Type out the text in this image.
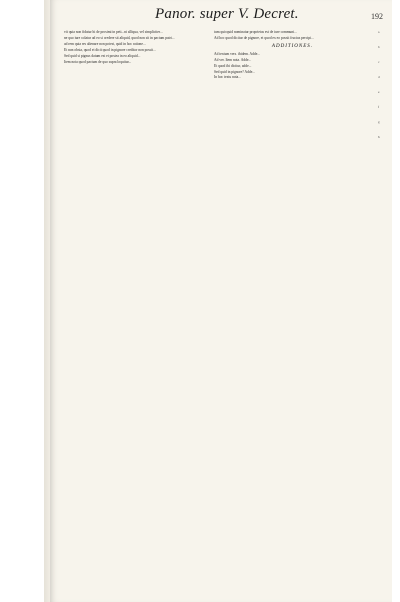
Panor. super V. Decret.	192

vit quia non fidatur hi de prosimi in peti...ni alliqua, vel simpliciter...

ne quo iure colatur ad eo si credere sit aliquid, quod non sit in pactum patri...

ad rem quia res alienare non potest, quid in hoc ratione...

Et non obsta, quod ei dicit quod in pignore creditor non possit...

Sed quid si pignus datum est et postea in eo aliquid...

Item nota quod pactum de quo supra loquitur...

tum quicquid nominatur proprietas est de iure communi...

Ad hoc quod dicitur de pignore, et quod ex eo possit fructus percipi...

ADDITIONES.

Ad textum vers. ibidem. Adde...

Ad ver. Item nota. Adde...

Et quod ibi dicitur, adde...

Sed quid in pignore? Adde...

In hoc textu nota...

a
b
c
d
e
f
g
h
